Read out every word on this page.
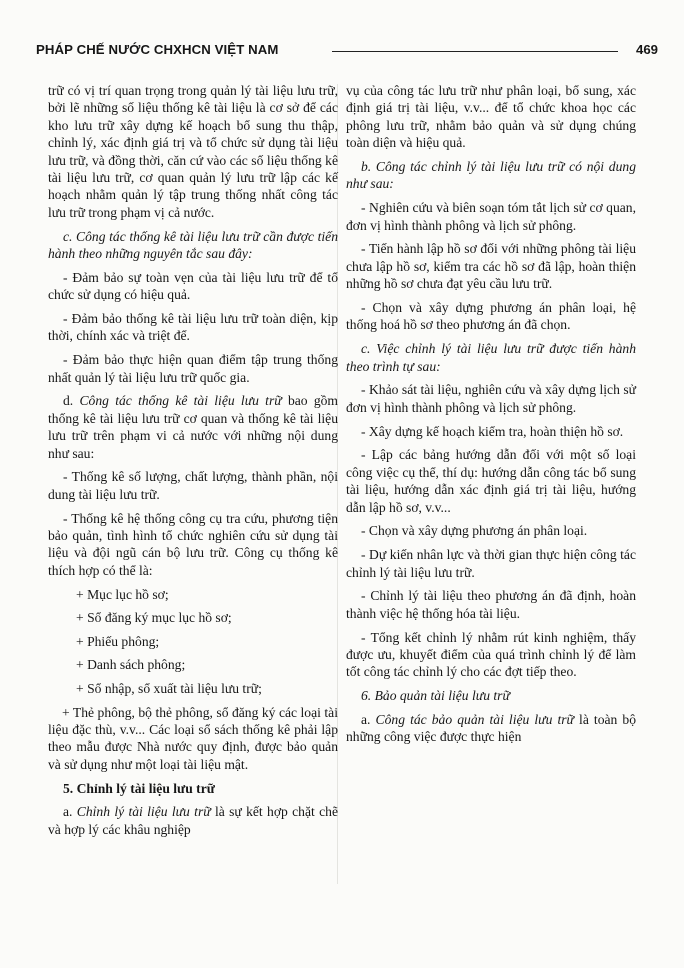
PHÁP CHẾ NƯỚC CHXHCN VIỆT NAM	469

trữ có vị trí quan trọng trong quản lý tài liệu lưu trữ, bởi lẽ những số liệu thống kê tài liệu là cơ sở để các kho lưu trữ xây dựng kế hoạch bổ sung thu thập, chỉnh lý, xác định giá trị và tổ chức sử dụng tài liệu lưu trữ, và đồng thời, căn cứ vào các số liệu thống kê tài liệu lưu trữ, cơ quan quản lý lưu trữ lập các kế hoạch nhằm quản lý tập trung thống nhất công tác lưu trữ trong phạm vị cả nước.

c. Công tác thống kê tài liệu lưu trữ cần được tiến hành theo những nguyên tắc sau đây:

- Đảm bảo sự toàn vẹn của tài liệu lưu trữ để tổ chức sử dụng có hiệu quả.

- Đảm bảo thống kê tài liệu lưu trữ toàn diện, kịp thời, chính xác và triệt để.

- Đảm bảo thực hiện quan điểm tập trung thống nhất quản lý tài liệu lưu trữ quốc gia.

d. Công tác thống kê tài liệu lưu trữ bao gồm thống kê tài liệu lưu trữ cơ quan và thống kê tài liệu lưu trữ trên phạm vi cả nước với những nội dung như sau:

- Thống kê số lượng, chất lượng, thành phần, nội dung tài liệu lưu trữ.

- Thống kê hệ thống công cụ tra cứu, phương tiện bảo quản, tình hình tổ chức nghiên cứu sử dụng tài liệu và đội ngũ cán bộ lưu trữ. Công cụ thống kê thích hợp có thể là:

+ Mục lục hồ sơ;

+ Sổ đăng ký mục lục hồ sơ;

+ Phiếu phông;

+ Danh sách phông;

+ Sổ nhập, sổ xuất tài liệu lưu trữ;

+ Thẻ phông, bộ thẻ phông, sổ đăng ký các loại tài liệu đặc thù, v.v... Các loại sổ sách thống kê phải lập theo mẫu được Nhà nước quy định, được bảo quản và sử dụng như một loại tài liệu mật.

5. Chỉnh lý tài liệu lưu trữ

a. Chỉnh lý tài liệu lưu trữ là sự kết hợp chặt chẽ và hợp lý các khâu nghiệp

vụ của công tác lưu trữ như phân loại, bổ sung, xác định giá trị tài liệu, v.v... để tổ chức khoa học các phông lưu trữ, nhằm bảo quản và sử dụng chúng toàn diện và hiệu quả.

b. Công tác chỉnh lý tài liệu lưu trữ có nội dung như sau:

- Nghiên cứu và biên soạn tóm tắt lịch sử cơ quan, đơn vị hình thành phông và lịch sử phông.

- Tiến hành lập hồ sơ đối với những phông tài liệu chưa lập hồ sơ, kiểm tra các hồ sơ đã lập, hoàn thiện những hồ sơ chưa đạt yêu cầu lưu trữ.

- Chọn và xây dựng phương án phân loại, hệ thống hoá hồ sơ theo phương án đã chọn.

c. Việc chỉnh lý tài liệu lưu trữ được tiến hành theo trình tự sau:

- Khảo sát tài liệu, nghiên cứu và xây dựng lịch sử đơn vị hình thành phông và lịch sử phông.

- Xây dựng kế hoạch kiểm tra, hoàn thiện hồ sơ.

- Lập các bảng hướng dẫn đối với một số loại công việc cụ thể, thí dụ: hướng dẫn công tác bổ sung tài liệu, hướng dẫn xác định giá trị tài liệu, hướng dẫn lập hồ sơ, v.v...

- Chọn và xây dựng phương án phân loại.

- Dự kiến nhân lực và thời gian thực hiện công tác chỉnh lý tài liệu lưu trữ.

- Chỉnh lý tài liệu theo phương án đã định, hoàn thành việc hệ thống hóa tài liệu.

- Tổng kết chỉnh lý nhằm rút kinh nghiệm, thấy được ưu, khuyết điểm của quá trình chỉnh lý để làm tốt công tác chỉnh lý cho các đợt tiếp theo.

6. Bảo quản tài liệu lưu trữ

a. Công tác bảo quản tài liệu lưu trữ là toàn bộ những công việc được thực hiện
